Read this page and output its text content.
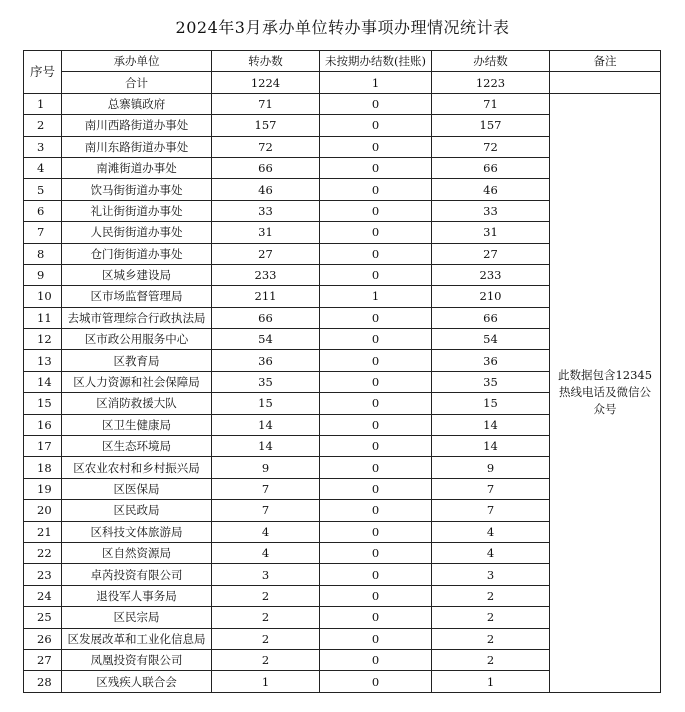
2024年3月承办单位转办事项办理情况统计表
序号	承办单位	转办数	未按期办结数(挂账)	办结数	备注
	合计	1224	1	1223	
1	总寨镇政府	71	0	71	此数据包含12345热线电话及微信公众号
2	南川西路街道办事处	157	0	157	
3	南川东路街道办事处	72	0	72	
4	南滩街道办事处	66	0	66	
5	饮马街街道办事处	46	0	46	
6	礼让街街道办事处	33	0	33	
7	人民街街道办事处	31	0	31	
8	仓门街街道办事处	27	0	27	
9	区城乡建设局	233	0	233	
10	区市场监督管理局	211	1	210	
11	去城市管理综合行政执法局	66	0	66	
12	区市政公用服务中心	54	0	54	
13	区教育局	36	0	36	
14	区人力资源和社会保障局	35	0	35	
15	区消防救援大队	15	0	15	
16	区卫生健康局	14	0	14	
17	区生态环境局	14	0	14	
18	区农业农村和乡村振兴局	9	0	9	
19	区医保局	7	0	7	
20	区民政局	7	0	7	
21	区科技文体旅游局	4	0	4	
22	区自然资源局	4	0	4	
23	卓芮投资有限公司	3	0	3	
24	退役军人事务局	2	0	2	
25	区民宗局	2	0	2	
26	区发展改革和工业化信息局	2	0	2	
27	凤凰投资有限公司	2	0	2	
28	区残疾人联合会	1	0	1	
